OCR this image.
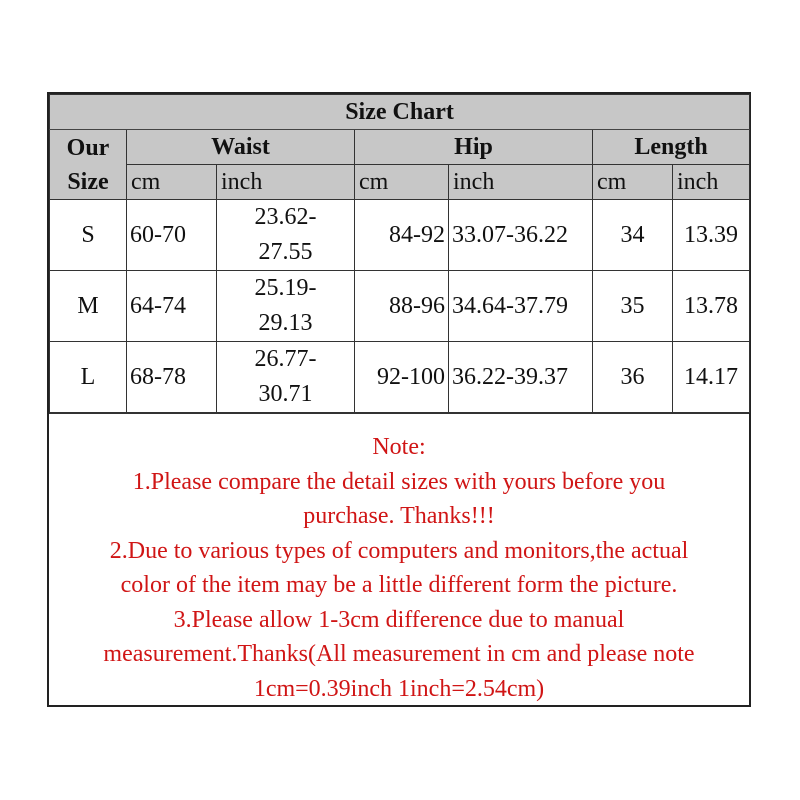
Size Chart						
Our
Size	Waist		Hip		Length	
	cm	inch	cm	inch	cm	inch
S	60-70	23.62-
27.55	84-92	33.07-36.22	34	13.39
M	64-74	25.19-
29.13	88-96	34.64-37.79	35	13.78
L	68-78	26.77-
30.71	92-100	36.22-39.37	36	14.17
Note:
1.Please compare the detail sizes with yours before you
purchase. Thanks!!!
2.Due to various types of computers and monitors,the actual
color of the item may be a little different form the picture.
3.Please allow 1-3cm difference due to manual
measurement.Thanks(All measurement in cm and please note
1cm=0.39inch 1inch=2.54cm)
